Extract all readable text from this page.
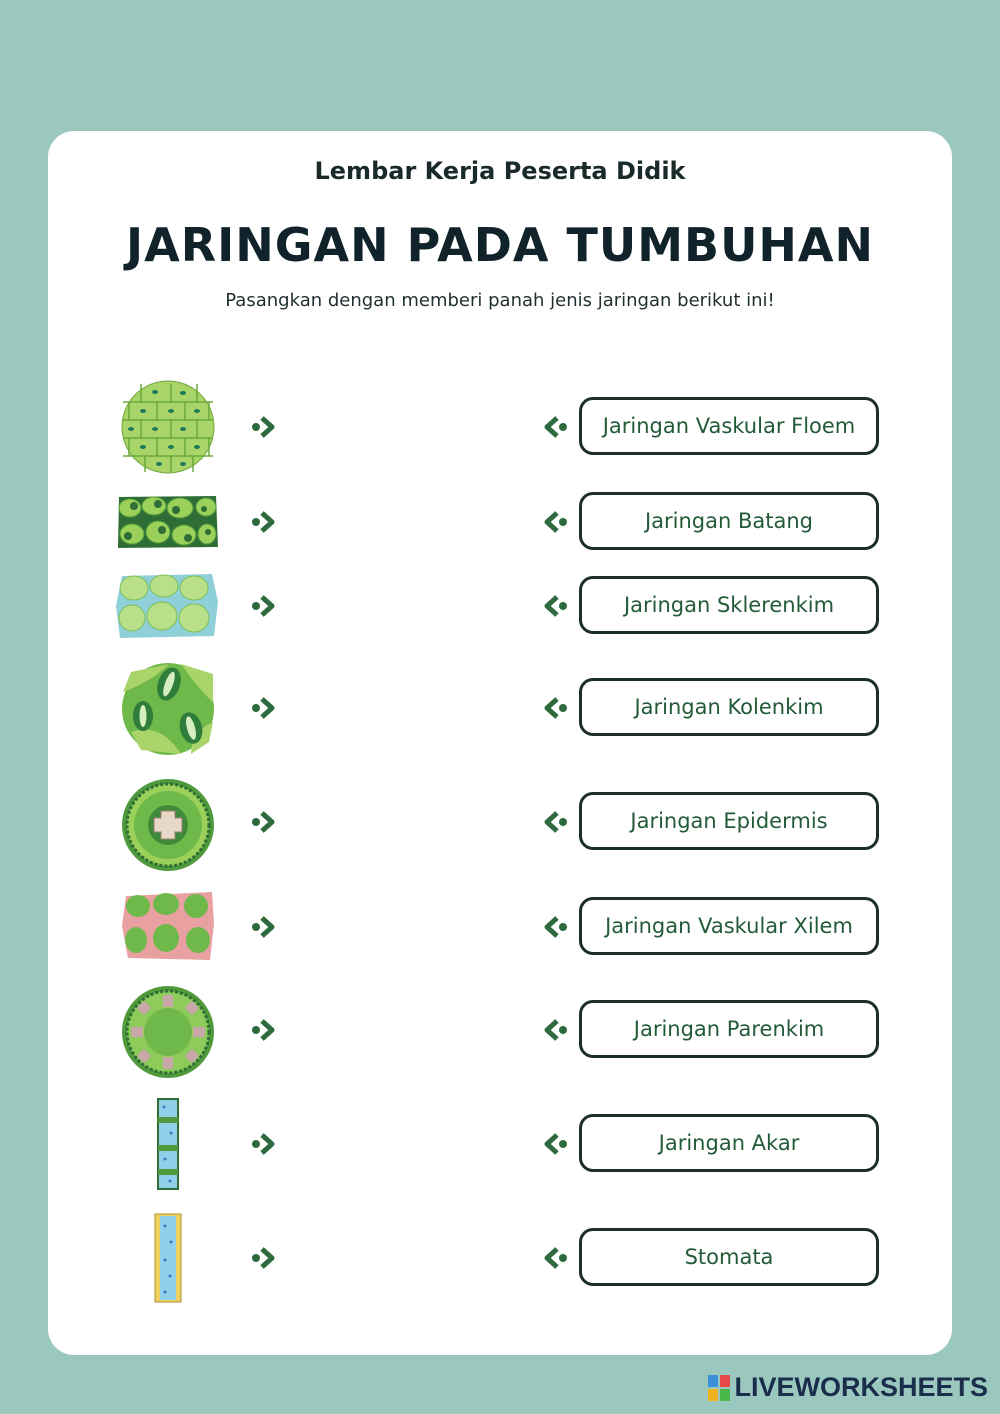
Lembar Kerja Peserta Didik
JARINGAN PADA TUMBUHAN
Pasangkan dengan memberi panah jenis jaringan berikut ini!
Jaringan Vaskular Floem
Jaringan Batang
Jaringan Sklerenkim
Jaringan Kolenkim
Jaringan Epidermis
Jaringan Vaskular Xilem
Jaringan Parenkim
Jaringan Akar
Stomata
LIVEWORKSHEETS
